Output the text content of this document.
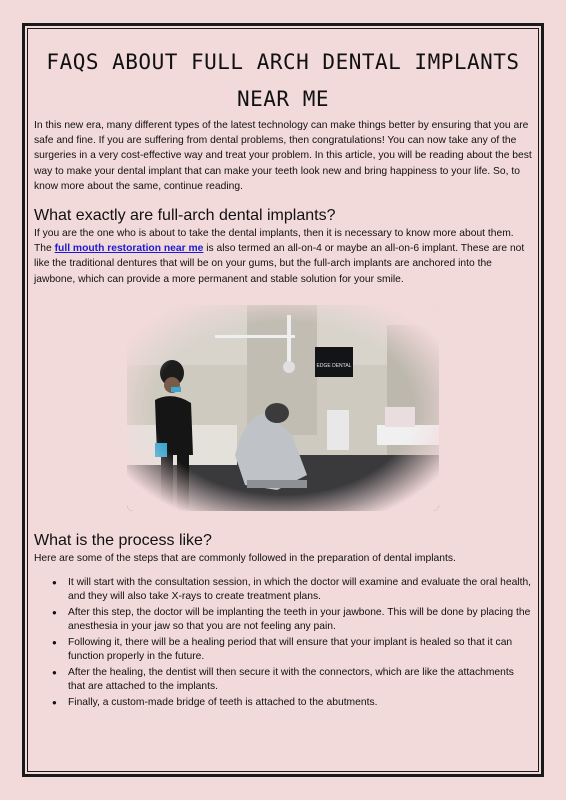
FAQS ABOUT FULL ARCH DENTAL IMPLANTS NEAR ME

In this new era, many different types of the latest technology can make things better by ensuring that you are safe and fine. If you are suffering from dental problems, then congratulations! You can now take any of the surgeries in a very cost-effective way and treat your problem. In this article, you will be reading about the best way to make your dental implant that can make your teeth look new and bring happiness to your life. So, to know more about the same, continue reading.

What exactly are full-arch dental implants?

If you are the one who is about to take the dental implants, then it is necessary to know more about them. The full mouth restoration near me is also termed an all-on-4 or maybe an all-on-6 implant. These are not like the traditional dentures that will be on your gums, but the full-arch implants are anchored into the jawbone, which can provide a more permanent and stable solution for your smile.

What is the process like?

Here are some of the steps that are commonly followed in the preparation of dental implants.

● It will start with the consultation session, in which the doctor will examine and evaluate the oral health, and they will also take X-rays to create treatment plans.
● After this step, the doctor will be implanting the teeth in your jawbone. This will be done by placing the anesthesia in your jaw so that you are not feeling any pain.
● Following it, there will be a healing period that will ensure that your implant is healed so that it can function properly in the future.
● After the healing, the dentist will then secure it with the connectors, which are like the attachments that are attached to the implants.
● Finally, a custom-made bridge of teeth is attached to the abutments.
